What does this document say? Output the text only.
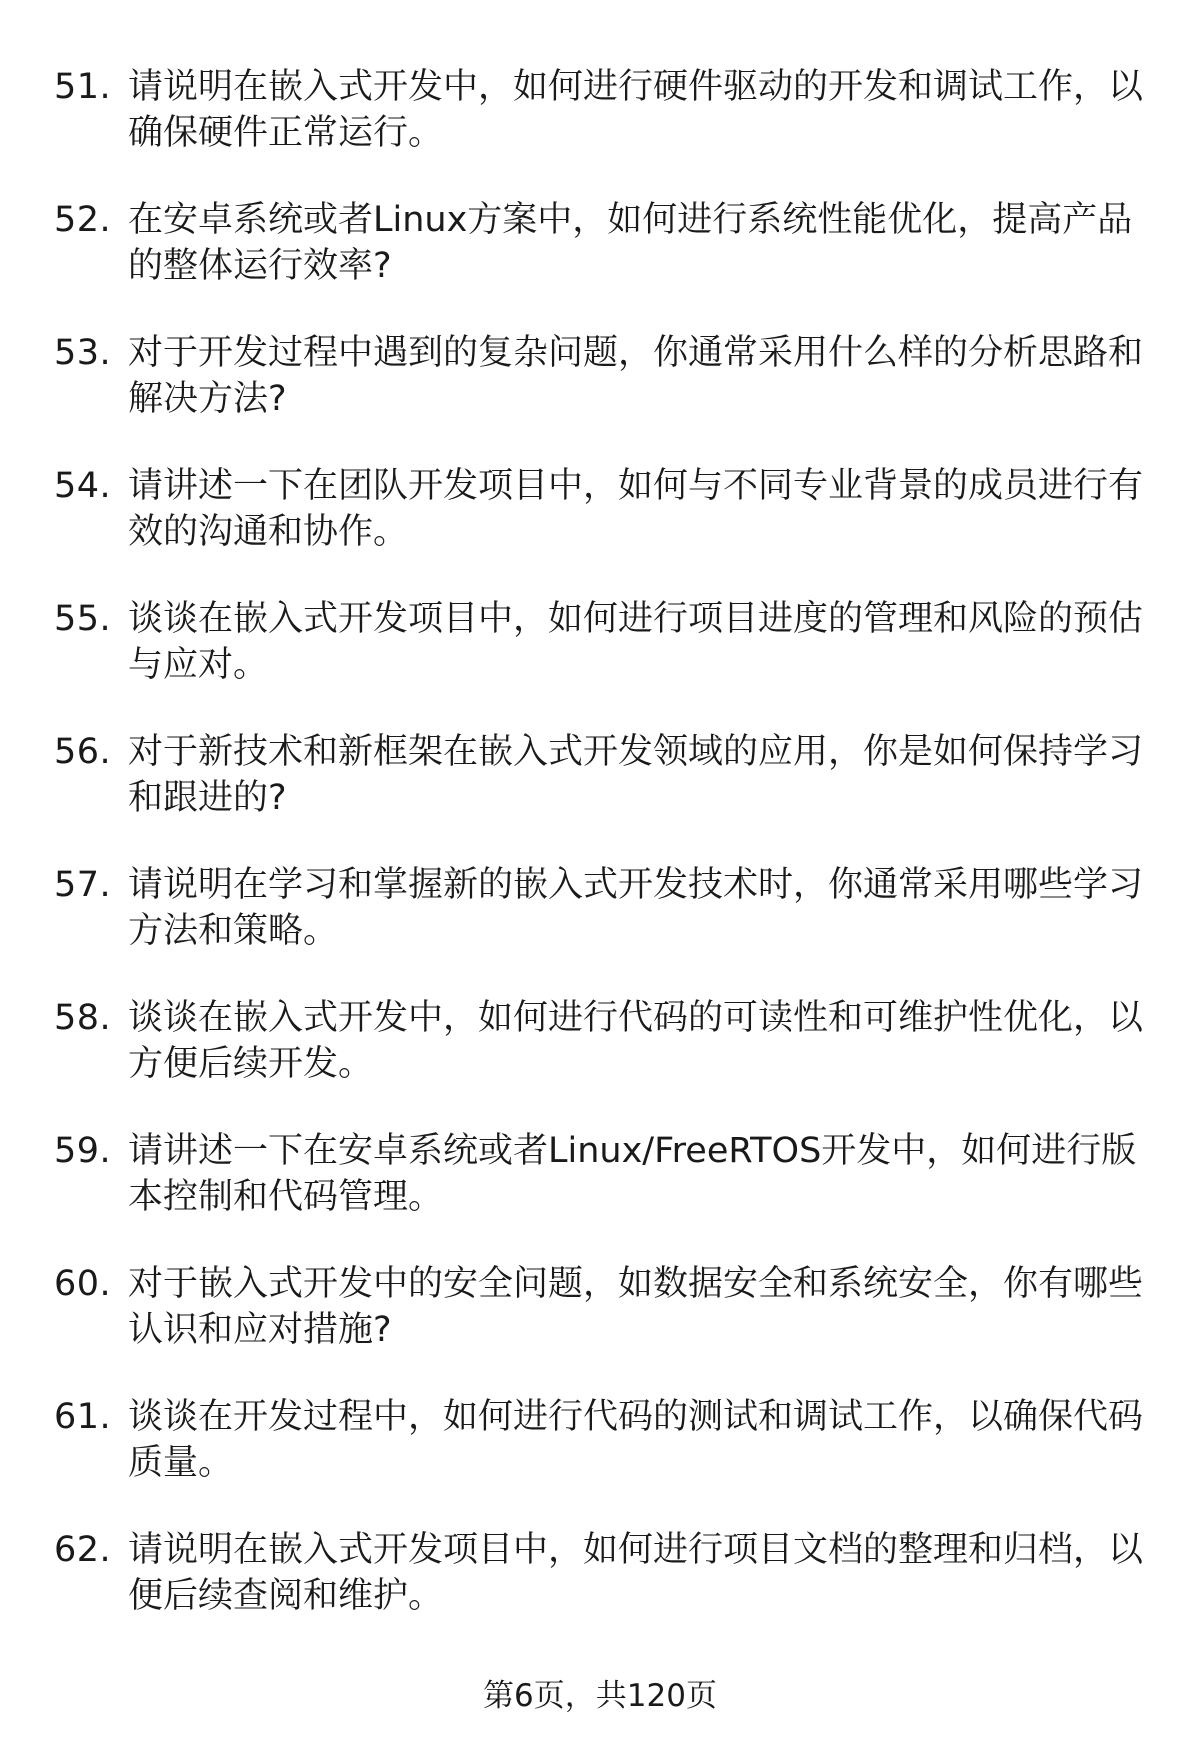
51. 请说明在嵌入式开发中，如何进行硬件驱动的开发和调试工作，以确保硬件正常运行。
52. 在安卓系统或者Linux方案中，如何进行系统性能优化，提高产品的整体运行效率?
53. 对于开发过程中遇到的复杂问题，你通常采用什么样的分析思路和解决方法?
54. 请讲述一下在团队开发项目中，如何与不同专业背景的成员进行有效的沟通和协作。
55. 谈谈在嵌入式开发项目中，如何进行项目进度的管理和风险的预估与应对。
56. 对于新技术和新框架在嵌入式开发领域的应用，你是如何保持学习和跟进的?
57. 请说明在学习和掌握新的嵌入式开发技术时，你通常采用哪些学习方法和策略。
58. 谈谈在嵌入式开发中，如何进行代码的可读性和可维护性优化，以方便后续开发。
59. 请讲述一下在安卓系统或者Linux/FreeRTOS开发中，如何进行版本控制和代码管理。
60. 对于嵌入式开发中的安全问题，如数据安全和系统安全，你有哪些认识和应对措施?
61. 谈谈在开发过程中，如何进行代码的测试和调试工作，以确保代码质量。
62. 请说明在嵌入式开发项目中，如何进行项目文档的整理和归档，以便后续查阅和维护。
第6页，共120页
